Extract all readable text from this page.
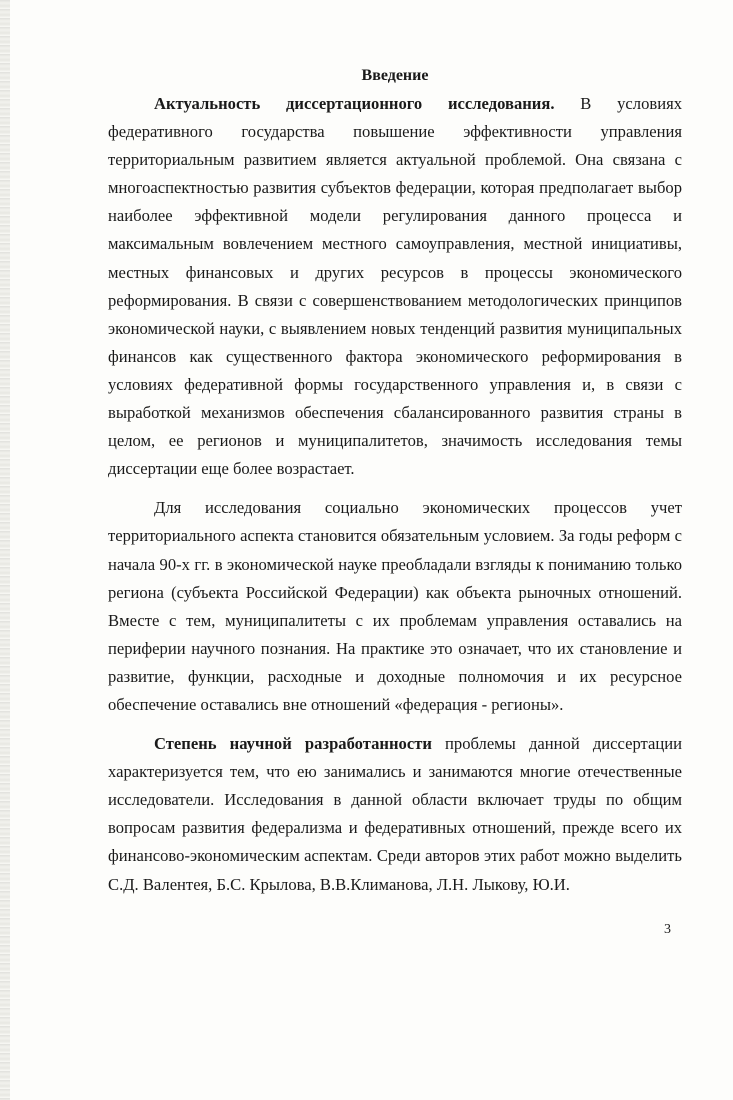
Введение

Актуальность диссертационного исследования. В условиях федеративного государства повышение эффективности управления территориальным развитием является актуальной проблемой. Она связана с многоаспектностью развития субъектов федерации, которая предполагает выбор наиболее эффективной модели регулирования данного процесса и максимальным вовлечением местного самоуправления, местной инициативы, местных финансовых и других ресурсов в процессы экономического реформирования. В связи с совершенствованием методологических принципов экономической науки, с выявлением новых тенденций развития муниципальных финансов как существенного фактора экономического реформирования в условиях федеративной формы государственного управления и, в связи с выработкой механизмов обеспечения сбалансированного развития страны в целом, ее регионов и муниципалитетов, значимость исследования темы диссертации еще более возрастает.

Для исследования социально экономических процессов учет территориального аспекта становится обязательным условием. За годы реформ с начала 90-х гг. в экономической науке преобладали взгляды к пониманию только региона (субъекта Российской Федерации) как объекта рыночных отношений. Вместе с тем, муниципалитеты с их проблемам управления оставались на периферии научного познания. На практике это означает, что их становление и развитие, функции, расходные и доходные полномочия и их ресурсное обеспечение оставались вне отношений «федерация - регионы».

Степень научной разработанности проблемы данной диссертации характеризуется тем, что ею занимались и занимаются многие отечественные исследователи. Исследования в данной области включает труды по общим вопросам развития федерализма и федеративных отношений, прежде всего их финансово-экономическим аспектам. Среди авторов этих работ можно выделить С.Д. Валентея, Б.С. Крылова, В.В.Климанова, Л.Н. Лыкову, Ю.И.

3
